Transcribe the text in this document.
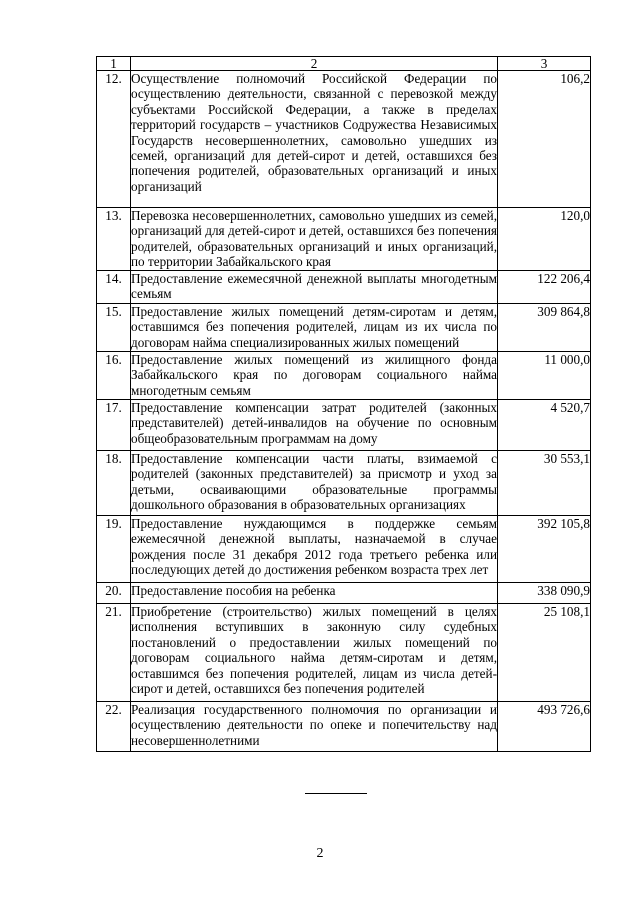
1	2	3
12.	Осуществление полномочий Российской Федерации по осуществлению деятельности, связанной с перевозкой между субъектами Российской Федерации, а также в пределах территорий государств – участников Содружества Независимых Государств несовершеннолетних, самовольно ушедших из семей, организаций для детей-сирот и детей, оставшихся без попечения родителей, образовательных организаций и иных организаций	106,2
13.	Перевозка несовершеннолетних, самовольно ушедших из семей, организаций для детей-сирот и детей, оставшихся без попечения родителей, образовательных организаций и иных организаций, по территории Забайкальского края	120,0
14.	Предоставление ежемесячной денежной выплаты многодетным семьям	122 206,4
15.	Предоставление жилых помещений детям-сиротам и детям, оставшимся без попечения родителей, лицам из их числа по договорам найма специализированных жилых помещений	309 864,8
16.	Предоставление жилых помещений из жилищного фонда Забайкальского края по договорам социального найма многодетным семьям	11 000,0
17.	Предоставление компенсации затрат родителей (законных представителей) детей-инвалидов на обучение по основным общеобразовательным программам на дому	4 520,7
18.	Предоставление компенсации части платы, взимаемой с родителей (законных представителей) за присмотр и уход за детьми, осваивающими образовательные программы дошкольного образования в образовательных организациях	30 553,1
19.	Предоставление нуждающимся в поддержке семьям ежемесячной денежной выплаты, назначаемой в случае рождения после 31 декабря 2012 года третьего ребенка или последующих детей до достижения ребенком возраста трех лет	392 105,8
20.	Предоставление пособия на ребенка	338 090,9
21.	Приобретение (строительство) жилых помещений в целях исполнения вступивших в законную силу судебных постановлений о предоставлении жилых помещений по договорам социального найма детям-сиротам и детям, оставшимся без попечения родителей, лицам из числа детей-сирот и детей, оставшихся без попечения родителей	25 108,1
22.	Реализация государственного полномочия по организации и осуществлению деятельности по опеке и попечительству над несовершеннолетними	493 726,6
2
